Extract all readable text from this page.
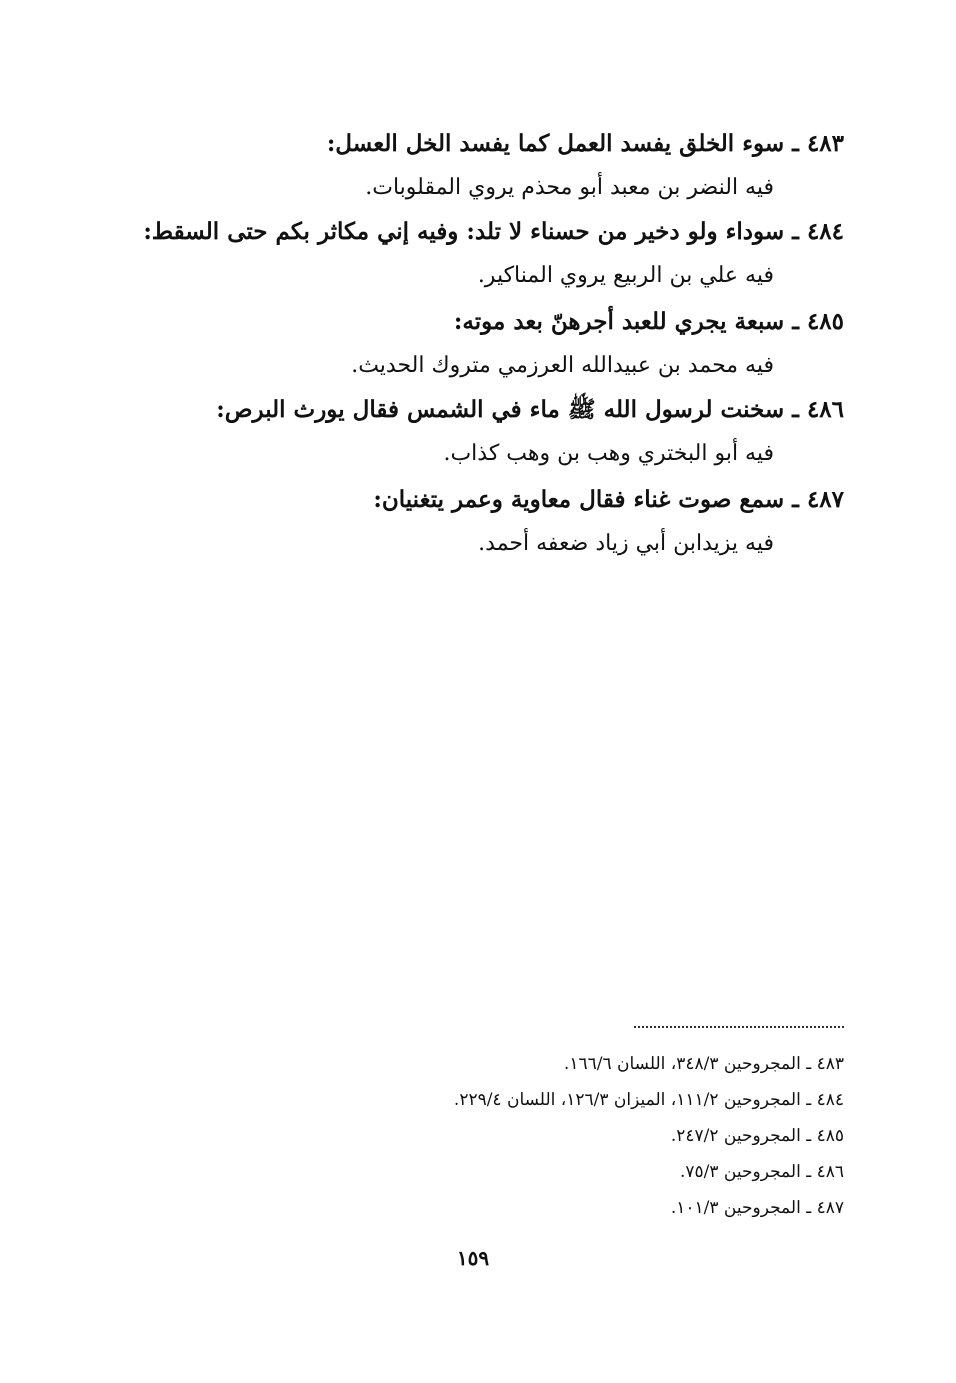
٤٨٣ ـ سوء الخلق يفسد العمل كما يفسد الخل العسل:
فيه النضر بن معبد أبو محذم يروي المقلوبات.
٤٨٤ ـ سوداء ولو دخير من حسناء لا تلد: وفيه إني مكاثر بكم حتى السقط:
فيه علي بن الربيع يروي المناكير.
٤٨٥ ـ سبعة يجري للعبد أجرهنّ بعد موته:
فيه محمد بن عبيدالله العرزمي متروك الحديث.
٤٨٦ ـ سخنت لرسول الله ﷺ ماء في الشمس فقال يورث البرص:
فيه أبو البختري وهب بن وهب كذاب.
٤٨٧ ـ سمع صوت غناء فقال معاوية وعمر يتغنيان:
فيه يزيدابن أبي زياد ضعفه أحمد.
٤٨٣ ـ المجروحين ٣٤٨/٣، اللسان ١٦٦/٦.
٤٨٤ ـ المجروحين ١١١/٢، الميزان ١٢٦/٣، اللسان ٢٢٩/٤.
٤٨٥ ـ المجروحين ٢٤٧/٢.
٤٨٦ ـ المجروحين ٧٥/٣.
٤٨٧ ـ المجروحين ١٠١/٣.
١٥٩
